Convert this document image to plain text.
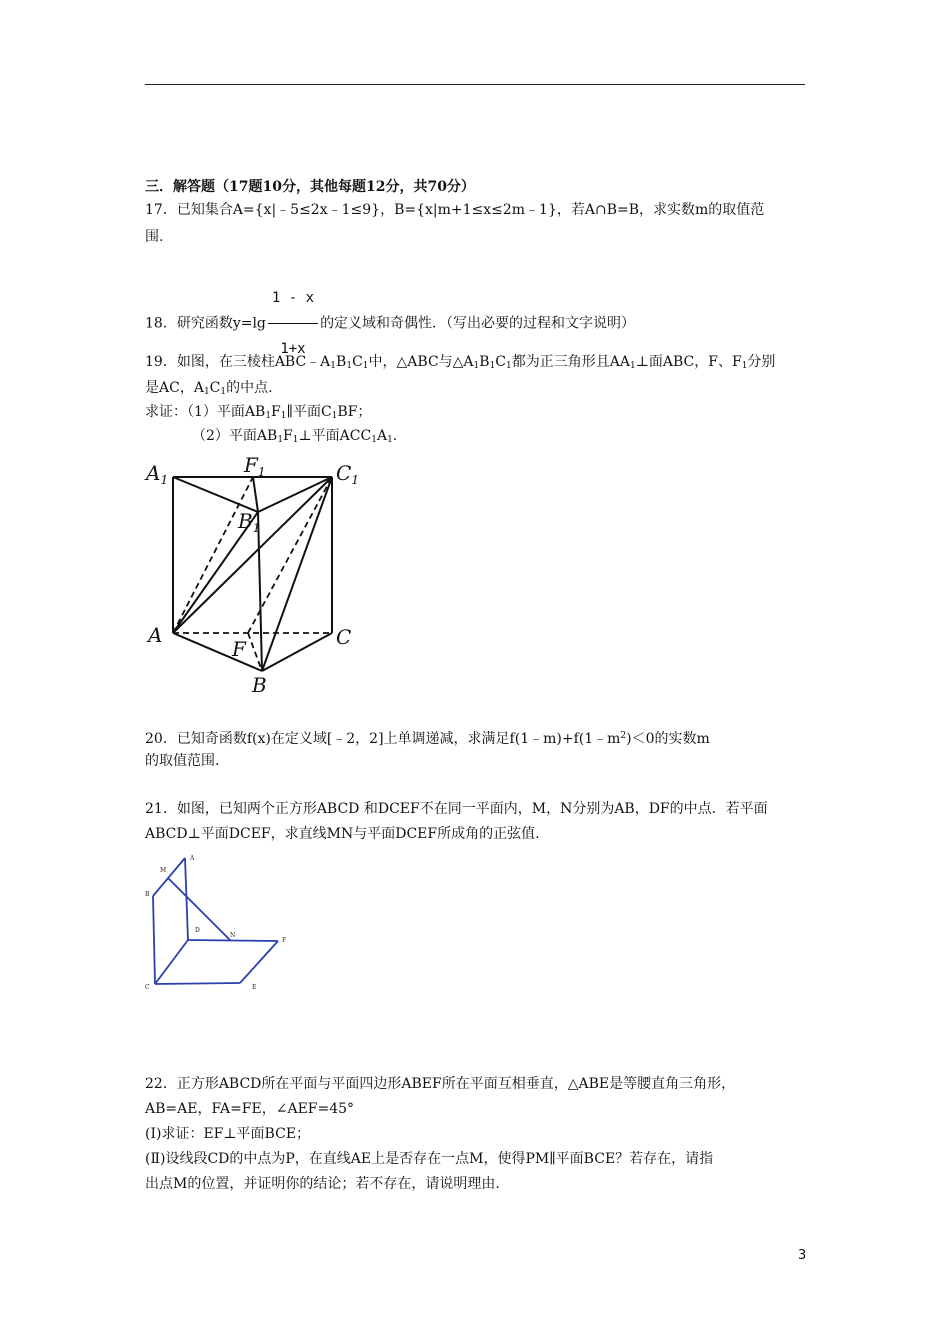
三．解答题（17题10分，其他每题12分，共70分）
17．已知集合A={x|﹣5≤2x﹣1≤9}，B={x|m+1≤x≤2m﹣1}，若A∩B=B，求实数m的取值范
围.
18．研究函数$y=\lg \frac{1 - x}{1+x}$ 的定义域和奇偶性．（写出必要的过程和文字说明）
19．如图，在三棱柱$ABC﹣A_1B_1C_1$中，△ABC与$\triangle A_1B_1C_1$都为正三角形且$AA_1\perp$面ABC，F、$F_1$分别
是AC，$A_1C_1$的中点.
求证：（1）平面$AB_1F_1\parallel$平面$C_1BF$；
（2）平面$AB_1F_1\perp$平面$ACC_1A_1$.
$A_1$
$F_1$	$C_1$
$B_1$
A
F	C
B
20．已知奇函数f(x)在定义域[﹣2，2]上单调递减，求满足$f(1﹣m)+f(1﹣m^2)<0$的实数m
的取值范围.
21．如图，已知两个正方形ABCD 和DCEF不在同一平面内，M，N分别为AB，DF的中点．若平面
ABCD⊥平面DCEF，求直线MN与平面DCEF所成角的正弦值.
M
A
B
D
N
F
C	E
22．正方形ABCD所在平面与平面四边形ABEF所在平面互相垂直，△ABE是等腰直角三角形，
AB=AE，FA=FE，∠AEF=45°
(Ⅰ)求证：EF⊥平面BCE；
(Ⅱ)设线段CD的中点为P，在直线AE上是否存在一点M，使得PM∥平面BCE？若存在，请指
出点M的位置，并证明你的结论；若不存在，请说明理由.
3
